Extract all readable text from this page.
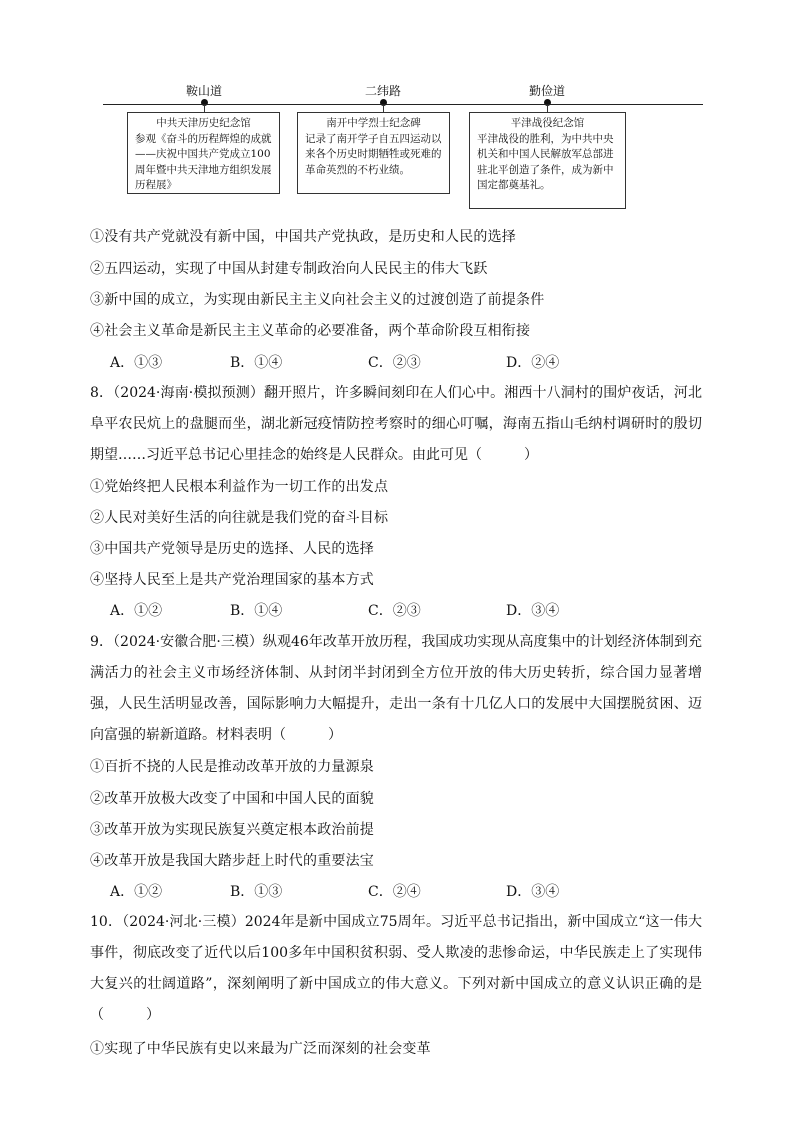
鞍山道	二纬路	勤俭道
中共天津历史纪念馆
参观《奋斗的历程辉煌的成就——庆祝中国共产党成立100周年暨中共天津地方组织发展历程展》
南开中学烈士纪念碑
记录了南开学子自五四运动以来各个历史时期牺牲或死难的革命英烈的不朽业绩。
平津战役纪念馆
平津战役的胜利，为中共中央机关和中国人民解放军总部进驻北平创造了条件，成为新中国定都奠基礼。
①没有共产党就没有新中国，中国共产党执政，是历史和人民的选择
②五四运动，实现了中国从封建专制政治向人民民主的伟大飞跃
③新中国的成立，为实现由新民主主义向社会主义的过渡创造了前提条件
④社会主义革命是新民主主义革命的必要准备，两个革命阶段互相衔接
A．①③	B．①④	C．②③	D．②④
8．（2024·海南·模拟预测）翻开照片，许多瞬间刻印在人们心中。湘西十八洞村的围炉夜话，河北阜平农民炕上的盘腿而坐，湖北新冠疫情防控考察时的细心叮嘱，海南五指山毛纳村调研时的殷切期望……习近平总书记心里挂念的始终是人民群众。由此可见（　　　）
①党始终把人民根本利益作为一切工作的出发点
②人民对美好生活的向往就是我们党的奋斗目标
③中国共产党领导是历史的选择、人民的选择
④坚持人民至上是共产党治理国家的基本方式
A．①②	B．①④	C．②③	D．③④
9．（2024·安徽合肥·三模）纵观46年改革开放历程，我国成功实现从高度集中的计划经济体制到充满活力的社会主义市场经济体制、从封闭半封闭到全方位开放的伟大历史转折，综合国力显著增强，人民生活明显改善，国际影响力大幅提升，走出一条有十几亿人口的发展中大国摆脱贫困、迈向富强的崭新道路。材料表明（　　　）
①百折不挠的人民是推动改革开放的力量源泉
②改革开放极大改变了中国和中国人民的面貌
③改革开放为实现民族复兴奠定根本政治前提
④改革开放是我国大踏步赶上时代的重要法宝
A．①②	B．①③	C．②④	D．③④
10．（2024·河北·三模）2024年是新中国成立75周年。习近平总书记指出，新中国成立“这一伟大事件，彻底改变了近代以后100多年中国积贫积弱、受人欺凌的悲惨命运，中华民族走上了实现伟大复兴的壮阔道路”，深刻阐明了新中国成立的伟大意义。下列对新中国成立的意义认识正确的是（　　　）
①实现了中华民族有史以来最为广泛而深刻的社会变革
